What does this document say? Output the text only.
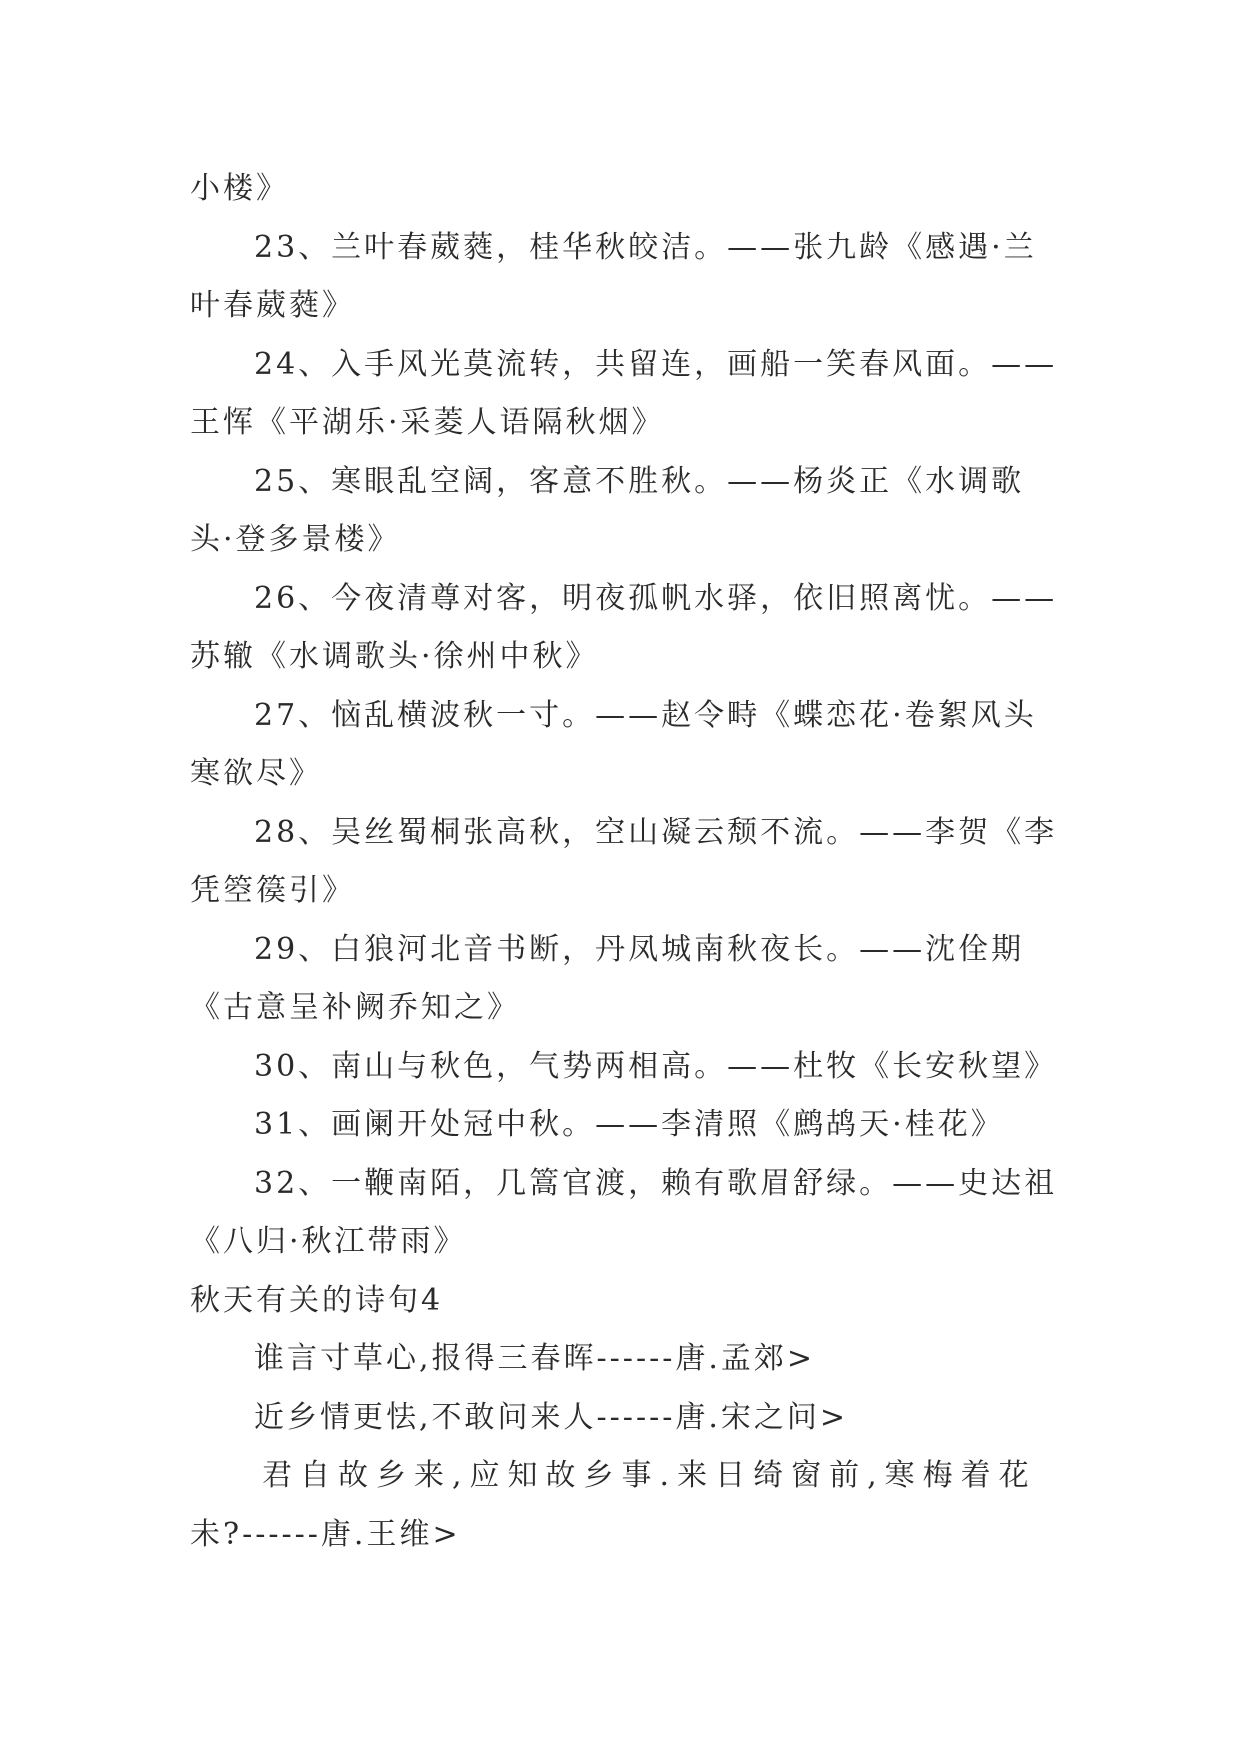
小楼》
23、兰叶春葳蕤，桂华秋皎洁。——张九龄《感遇·兰
叶春葳蕤》
24、入手风光莫流转，共留连，画船一笑春风面。——
王恽《平湖乐·采菱人语隔秋烟》
25、寒眼乱空阔，客意不胜秋。——杨炎正《水调歌
头·登多景楼》
26、今夜清尊对客，明夜孤帆水驿，依旧照离忧。——
苏辙《水调歌头·徐州中秋》
27、恼乱横波秋一寸。——赵令畤《蝶恋花·卷絮风头
寒欲尽》
28、吴丝蜀桐张高秋，空山凝云颓不流。——李贺《李
凭箜篌引》
29、白狼河北音书断，丹凤城南秋夜长。——沈佺期
《古意呈补阙乔知之》
30、南山与秋色，气势两相高。——杜牧《长安秋望》
31、画阑开处冠中秋。——李清照《鹧鸪天·桂花》
32、一鞭南陌，几篙官渡，赖有歌眉舒绿。——史达祖
《八归·秋江带雨》
秋天有关的诗句4
谁言寸草心,报得三春晖------唐.孟郊>
近乡情更怯,不敢问来人------唐.宋之问>
君自故乡来,应知故乡事.来日绮窗前,寒梅着花
未?------唐.王维>
